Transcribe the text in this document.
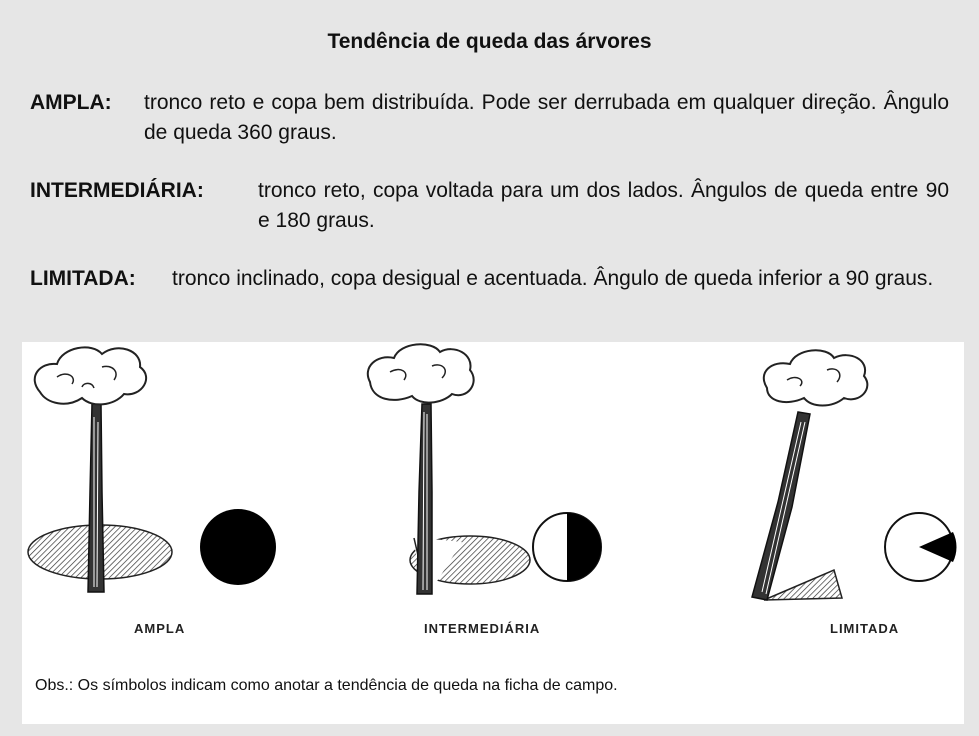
Tendência de queda das árvores
AMPLA: tronco reto e copa bem distribuída. Pode ser derrubada em qualquer direção. Ângulo de queda 360 graus.
INTERMEDIÁRIA:	tronco reto, copa voltada para um dos lados. Ângulos de queda entre 90 e 180 graus.
LIMITADA: tronco inclinado, copa desigual e acentuada. Ângulo de queda inferior a 90 graus.
AMPLA	INTERMEDIÁRIA	LIMITADA
Obs.: Os símbolos indicam como anotar a tendência de queda na ficha de campo.
